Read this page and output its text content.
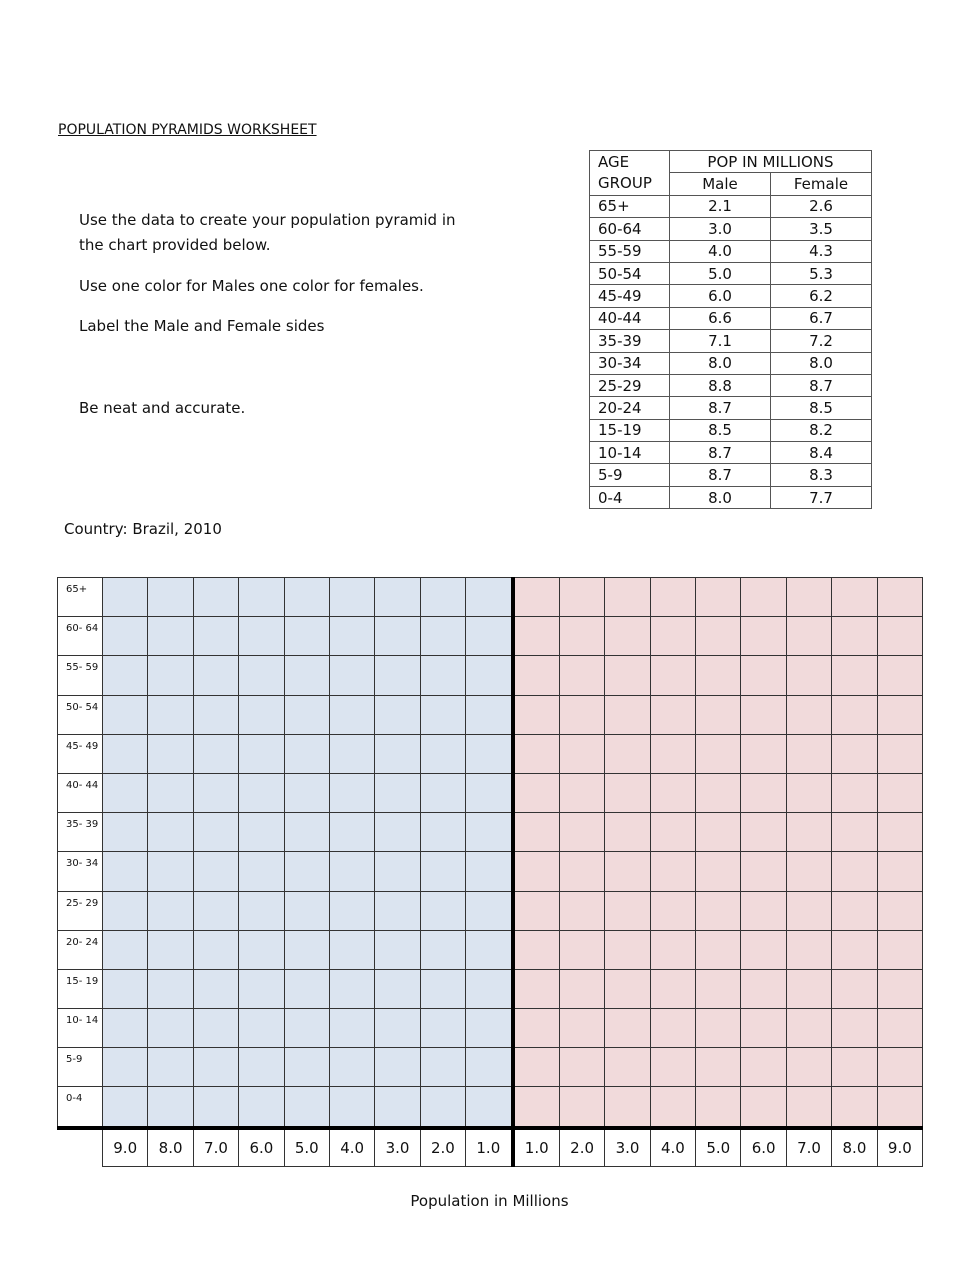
POPULATION PYRAMIDS WORKSHEET
Use the data to create your population pyramid in the chart provided below.
Use one color for Males one color for females.
Label the Male and Female sides
Be neat and accurate.
Country: Brazil, 2010
AGE GROUP	POP IN MILLIONS	
	Male	Female
65+	2.1	2.6
60-64	3.0	3.5
55-59	4.0	4.3
50-54	5.0	5.3
45-49	6.0	6.2
40-44	6.6	6.7
35-39	7.1	7.2
30-34	8.0	8.0
25-29	8.8	8.7
20-24	8.7	8.5
15-19	8.5	8.2
10-14	8.7	8.4
5-9	8.7	8.3
0-4	8.0	7.7
65+																		
60- 64																		
55- 59																		
50- 54																		
45- 49																		
40- 44																		
35- 39																		
30- 34																		
25- 29																		
20- 24																		
15- 19																		
10- 14																		
5-9																		
0-4																		
	9.0	8.0	7.0	6.0	5.0	4.0	3.0	2.0	1.0	1.0	2.0	3.0	4.0	5.0	6.0	7.0	8.0	9.0
Population in Millions
